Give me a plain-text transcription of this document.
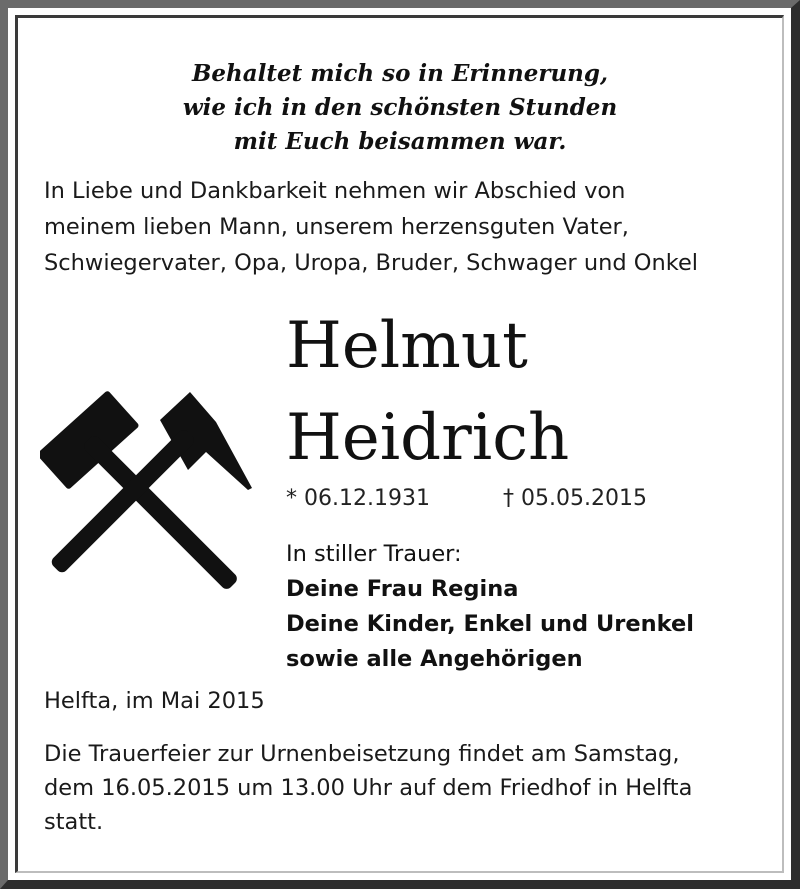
Behaltet mich so in Erinnerung,
wie ich in den schönsten Stunden
mit Euch beisammen war.
In Liebe und Dankbarkeit nehmen wir Abschied von
meinem lieben Mann, unserem herzensguten Vater,
Schwiegervater, Opa, Uropa, Bruder, Schwager und Onkel
Helmut
Heidrich
* 06.12.1931	† 05.05.2015
In stiller Trauer:
Deine Frau Regina
Deine Kinder, Enkel und Urenkel
sowie alle Angehörigen
Helfta, im Mai 2015
Die Trauerfeier zur Urnenbeisetzung findet am Samstag,
dem 16.05.2015 um 13.00 Uhr auf dem Friedhof in Helfta
statt.
